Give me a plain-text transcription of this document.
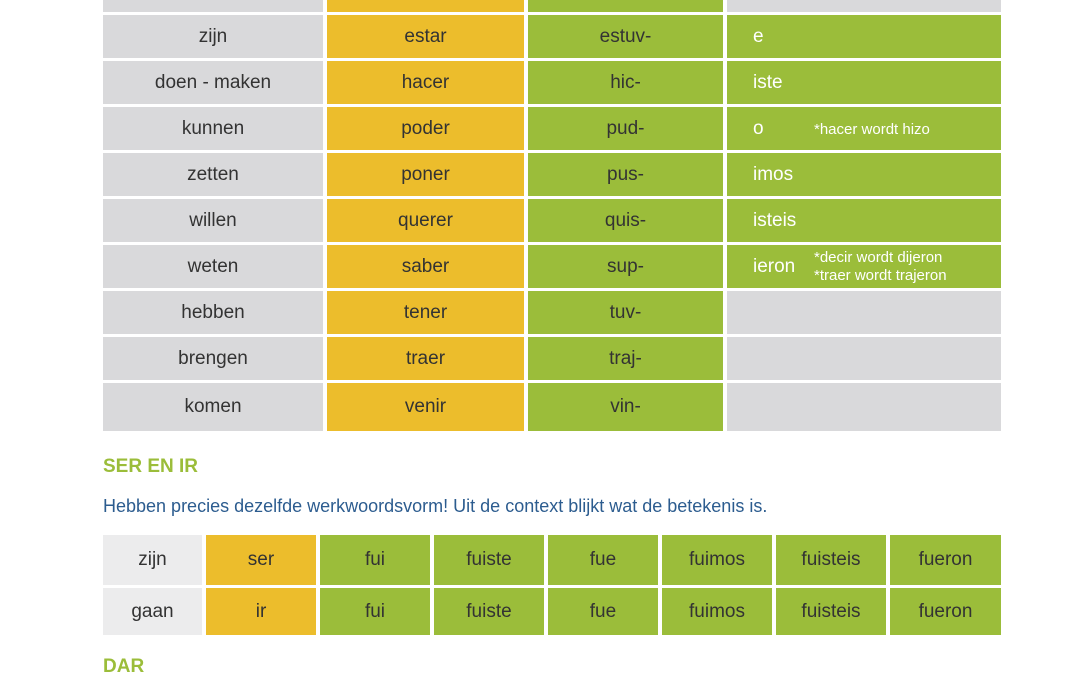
zijn	estar	estuv-	e
doen - maken	hacer	hic-	iste
kunnen	poder	pud-	o	*hacer wordt hizo
zetten	poner	pus-	imos
willen	querer	quis-	isteis
weten	saber	sup-	ieron	*decir wordt dijeron
*traer wordt trajeron
hebben	tener	tuv-
brengen	traer	traj-
komen	venir	vin-
SER EN IR
Hebben precies dezelfde werkwoordsvorm! Uit de context blijkt wat de betekenis is.
zijn	ser	fui	fuiste	fue	fuimos	fuisteis	fueron
gaan	ir	fui	fuiste	fue	fuimos	fuisteis	fueron
DAR
